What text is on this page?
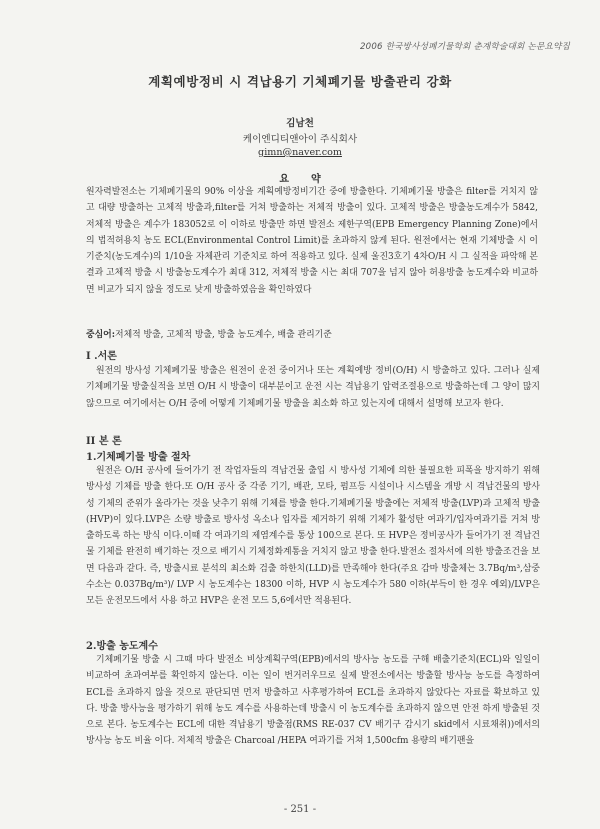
2006 한국방사성폐기물학회 춘계학술대회 논문요약집
계획예방정비 시 격납용기 기체폐기물 방출관리 강화
김남천
케이엔디티앤아이 주식회사
gimn@naver.com
요약
원자력발전소는 기체폐기물의 90% 이상을 계획예방정비기간 중에 방출한다. 기체폐기물 방출은 filter를 거치지 않고 대량 방출하는 고체적 방출과,filter를 거쳐 방출하는 저체적 방출이 있다. 고체적 방출은 방출농도계수가 5842, 저체적 방출은 계수가 183052로 이 이하로 방출만 하면 발전소 제한구역(EPB Emergency Planning Zone)에서의 법적허용치 농도 ECL(Environmental Control Limit)를 초과하지 않게 된다. 원전에서는 현재 기체방출 시 이 기준치(농도계수)의 1/10을 자체관리 기준치로 하여 적용하고 있다. 실제 울진3호기 4차O/H 시 그 실적을 파악해 본 결과 고체적 방출 시 방출농도계수가 최대 312, 저체적 방출 시는 최대 707을 넘지 않아 허용방출 농도계수와 비교하면 비교가 되지 않을 정도로 낮게 방출하였음을 확인하였다
중심어:저체적 방출, 고체적 방출, 방출 농도계수, 배출 관리기준
I .서론
원전의 방사성 기체폐기물 방출은 원전이 운전 중이거나 또는 계획예방 정비(O/H) 시 방출하고 있다. 그러나 실제 기체폐기물 방출실적을 보면 O/H 시 방출이 대부분이고 운전 시는 격납용기 압력조절용으로 방출하는데 그 양이 많지 않으므로 여기에서는 O/H 중에 어떻게 기체폐기물 방출을 최소화 하고 있는지에 대해서 설명해 보고자 한다.
II 본 론
1.기체폐기물 방출 절차
원전은 O/H 공사에 들어가기 전 작업자들의 격납건물 출입 시 방사성 기체에 의한 불필요한 피폭을 방지하기 위해 방사성 기체를 방출 한다.또 O/H 공사 중 각종 기기, 배관, 모타, 펌프등 시설이나 시스템을 개방 시 격납건물의 방사성 기체의 준위가 올라가는 것을 낮추기 위해 기체를 방출 한다.기체폐기물 방출에는 저체적 방출(LVP)과 고체적 방출(HVP)이 있다.LVP은 소량 방출로 방사성 옥소나 입자를 제거하기 위해 기체가 활성탄 여과기/입자여과기를 거쳐 방출하도록 하는 방식 이다.이때 각 여과기의 제염계수를 통상 100으로 본다. 또 HVP은 정비공사가 들어가기 전 격납건물 기체를 완전히 배기하는 것으로 배기시 기체정화계통을 거치지 않고 방출 한다.발전소 절차서에 의한 방출조건을 보면 다음과 같다. 즉, 방출시료 분석의 최소화 검출 하한치(LLD)를 만족해야 한다(주요 감마 방출체는 3.7Bq/m³,삼중수소는 0.037Bq/m³)/ LVP 시 농도계수는 18300 이하, HVP 시 농도계수가 580 이하(부득이 한 경우 예외)/LVP은 모든 운전모드에서 사용 하고 HVP은 운전 모드 5,6에서만 적용된다.
2.방출 농도계수
기체폐기물 방출 시 그때 마다 발전소 비상계획구역(EPB)에서의 방사능 농도를 구해 배출기준치(ECL)와 일일이 비교하여 초과여부를 확인하지 않는다. 이는 일이 번거러우므로 실제 발전소에서는 방출할 방사능 농도를 측정하여 ECL를 초과하지 않을 것으로 판단되면 먼저 방출하고 사후평가하여 ECL를 초과하지 않았다는 자료를 확보하고 있다. 방출 방사능을 평가하기 위해 농도 계수를 사용하는데 방출시 이 농도계수를 초과하지 않으면 안전 하게 방출된 것으로 본다. 농도계수는 ECL에 대한 격납용기 방출점(RMS RE-037 CV 배기구 감시기 skid에서 시료채취))에서의 방사능 농도 비율 이다. 저체적 방출은 Charcoal /HEPA 여과기를 거쳐 1,500cfm 용량의 배기팬을
- 251 -
